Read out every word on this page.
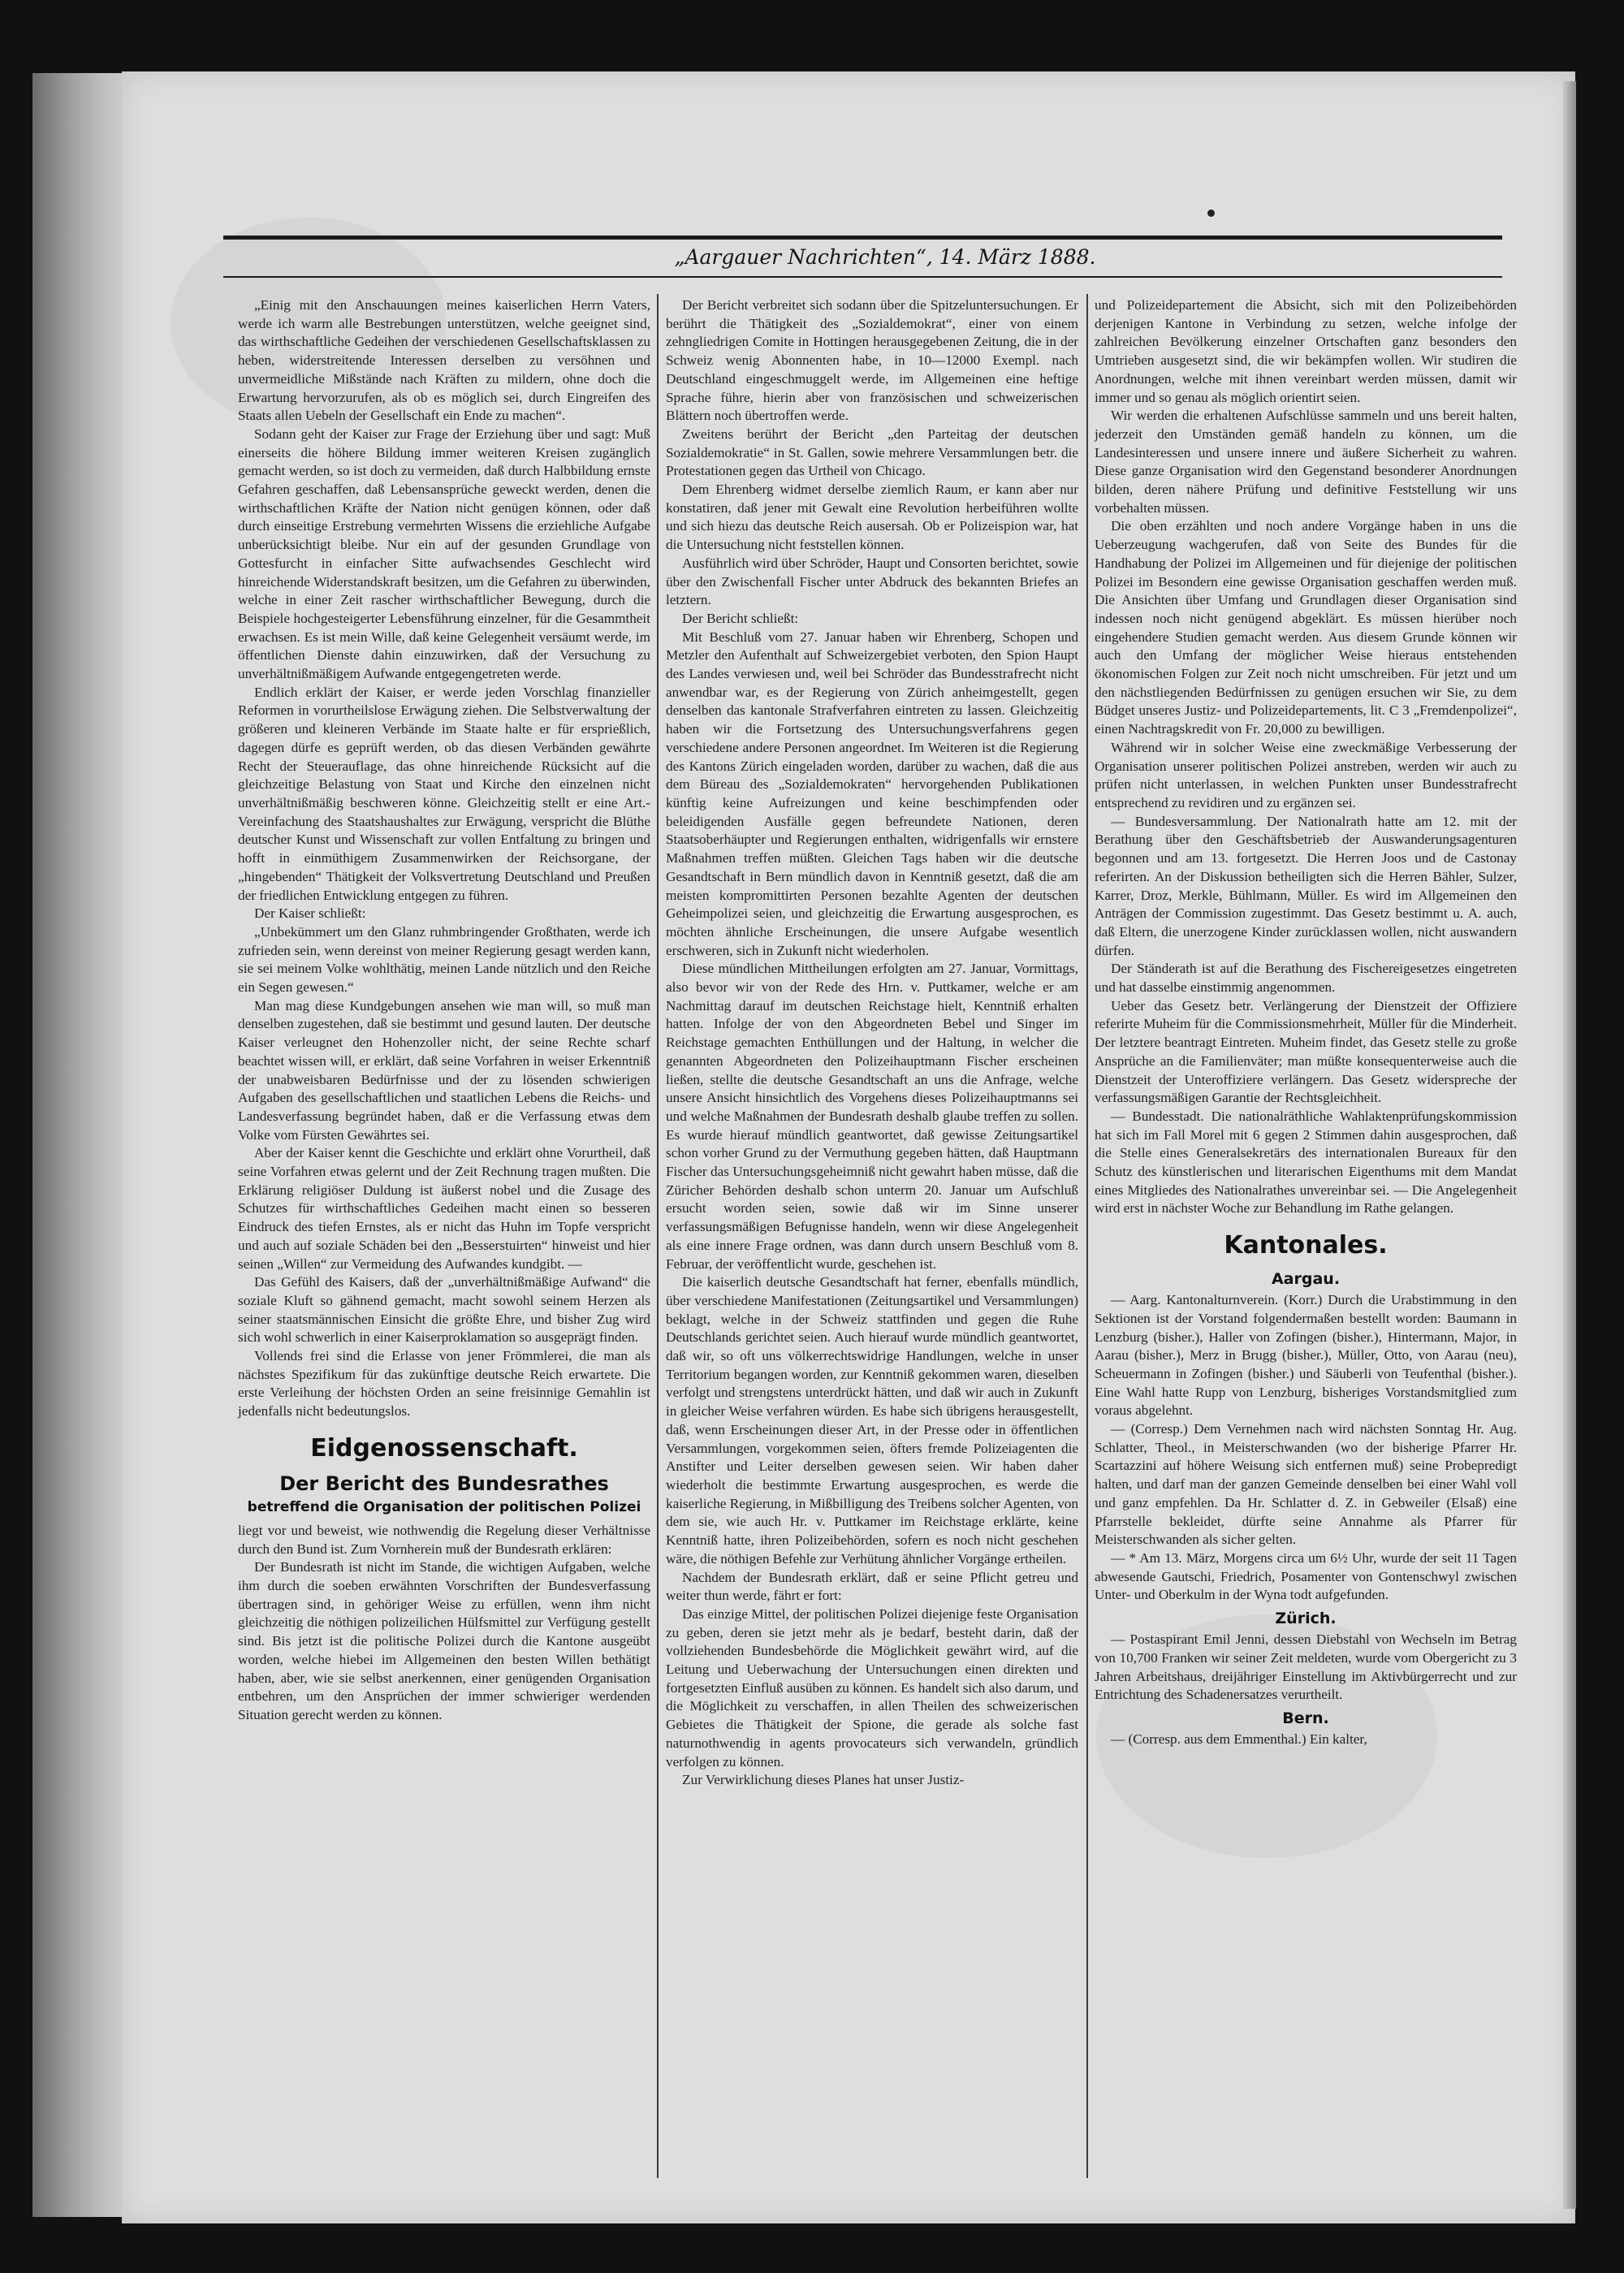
„Aargauer Nachrichten“, 14. März 1888.

„Einig mit den Anschauungen meines kaiserlichen Herrn Vaters, werde ich warm alle Bestrebungen unterstützen, welche geeignet sind, das wirthschaftliche Gedeihen der verschiedenen Gesellschaftsklassen zu heben, widerstreitende Interessen derselben zu versöhnen und unvermeidliche Mißstände nach Kräften zu mildern, ohne doch die Erwartung hervorzurufen, als ob es möglich sei, durch Eingreifen des Staats allen Uebeln der Gesellschaft ein Ende zu machen“.

Sodann geht der Kaiser zur Frage der Erziehung über und sagt: Muß einerseits die höhere Bildung immer weiteren Kreisen zugänglich gemacht werden, so ist doch zu vermeiden, daß durch Halbbildung ernste Gefahren geschaffen, daß Lebensansprüche geweckt werden, denen die wirthschaftlichen Kräfte der Nation nicht genügen können, oder daß durch einseitige Erstrebung vermehrten Wissens die erziehliche Aufgabe unberücksichtigt bleibe. Nur ein auf der gesunden Grundlage von Gottesfurcht in einfacher Sitte aufwachsendes Geschlecht wird hinreichende Widerstandskraft besitzen, um die Gefahren zu überwinden, welche in einer Zeit rascher wirthschaftlicher Bewegung, durch die Beispiele hochgesteigerter Lebensführung einzelner, für die Gesammtheit erwachsen. Es ist mein Wille, daß keine Gelegenheit versäumt werde, im öffentlichen Dienste dahin einzuwirken, daß der Versuchung zu unverhältnißmäßigem Aufwande entgegengetreten werde.

Endlich erklärt der Kaiser, er werde jeden Vorschlag finanzieller Reformen in vorurtheilslose Erwägung ziehen. Die Selbstverwaltung der größeren und kleineren Verbände im Staate halte er für ersprießlich, dagegen dürfe es geprüft werden, ob das diesen Verbänden gewährte Recht der Steuerauflage, das ohne hinreichende Rücksicht auf die gleichzeitige Belastung von Staat und Kirche den einzelnen nicht unverhältnißmäßig beschweren könne. Gleichzeitig stellt er eine Art.-Vereinfachung des Staatshaushaltes zur Erwägung, verspricht die Blüthe deutscher Kunst und Wissenschaft zur vollen Entfaltung zu bringen und hofft in einmüthigem Zusammenwirken der Reichsorgane, der „hingebenden“ Thätigkeit der Volksvertretung Deutschland und Preußen der friedlichen Entwicklung entgegen zu führen.

Der Kaiser schließt:

„Unbekümmert um den Glanz ruhmbringender Großthaten, werde ich zufrieden sein, wenn dereinst von meiner Regierung gesagt werden kann, sie sei meinem Volke wohlthätig, meinen Lande nützlich und den Reiche ein Segen gewesen.“

Man mag diese Kundgebungen ansehen wie man will, so muß man denselben zugestehen, daß sie bestimmt und gesund lauten. Der deutsche Kaiser verleugnet den Hohenzoller nicht, der seine Rechte scharf beachtet wissen will, er erklärt, daß seine Vorfahren in weiser Erkenntniß der unabweisbaren Bedürfnisse und der zu lösenden schwierigen Aufgaben des gesellschaftlichen und staatlichen Lebens die Reichs- und Landesverfassung begründet haben, daß er die Verfassung etwas dem Volke vom Fürsten Gewährtes sei.

Aber der Kaiser kennt die Geschichte und erklärt ohne Vorurtheil, daß seine Vorfahren etwas gelernt und der Zeit Rechnung tragen mußten. Die Erklärung religiöser Duldung ist äußerst nobel und die Zusage des Schutzes für wirthschaftliches Gedeihen macht einen so besseren Eindruck des tiefen Ernstes, als er nicht das Huhn im Topfe verspricht und auch auf soziale Schäden bei den „Besserstuirten“ hinweist und hier seinen „Willen“ zur Vermeidung des Aufwandes kundgibt. —

Das Gefühl des Kaisers, daß der „unverhältnißmäßige Aufwand“ die soziale Kluft so gähnend gemacht, macht sowohl seinem Herzen als seiner staatsmännischen Einsicht die größte Ehre, und bisher Zug wird sich wohl schwerlich in einer Kaiserproklamation so ausgeprägt finden.

Vollends frei sind die Erlasse von jener Frömmlerei, die man als nächstes Spezifikum für das zukünftige deutsche Reich erwartete. Die erste Verleihung der höchsten Orden an seine freisinnige Gemahlin ist jedenfalls nicht bedeutungslos.

Eidgenossenschaft.
Der Bericht des Bundesrathes
betreffend die Organisation der politischen Polizei

liegt vor und beweist, wie nothwendig die Regelung dieser Verhältnisse durch den Bund ist. Zum Vornherein muß der Bundesrath erklären:

Der Bundesrath ist nicht im Stande, die wichtigen Aufgaben, welche ihm durch die soeben erwähnten Vorschriften der Bundesverfassung übertragen sind, in gehöriger Weise zu erfüllen, wenn ihm nicht gleichzeitig die nöthigen polizeilichen Hülfsmittel zur Verfügung gestellt sind. Bis jetzt ist die politische Polizei durch die Kantone ausgeübt worden, welche hiebei im Allgemeinen den besten Willen bethätigt haben, aber, wie sie selbst anerkennen, einer genügenden Organisation entbehren, um den Ansprüchen der immer schwieriger werdenden Situation gerecht werden zu können.

Der Bericht verbreitet sich sodann über die Spitzeluntersuchungen. Er berührt die Thätigkeit des „Sozialdemokrat“, einer von einem zehngliedrigen Comite in Hottingen herausgegebenen Zeitung, die in der Schweiz wenig Abonnenten habe, in 10—12000 Exempl. nach Deutschland eingeschmuggelt werde, im Allgemeinen eine heftige Sprache führe, hierin aber von französischen und schweizerischen Blättern noch übertroffen werde.

Zweitens berührt der Bericht „den Parteitag der deutschen Sozialdemokratie“ in St. Gallen, sowie mehrere Versammlungen betr. die Protestationen gegen das Urtheil von Chicago.

Dem Ehrenberg widmet derselbe ziemlich Raum, er kann aber nur konstatiren, daß jener mit Gewalt eine Revolution herbeiführen wollte und sich hiezu das deutsche Reich ausersah. Ob er Polizeispion war, hat die Untersuchung nicht feststellen können.

Ausführlich wird über Schröder, Haupt und Consorten berichtet, sowie über den Zwischenfall Fischer unter Abdruck des bekannten Briefes an letztern.

Der Bericht schließt:

Mit Beschluß vom 27. Januar haben wir Ehrenberg, Schopen und Metzler den Aufenthalt auf Schweizergebiet verboten, den Spion Haupt des Landes verwiesen und, weil bei Schröder das Bundesstrafrecht nicht anwendbar war, es der Regierung von Zürich anheimgestellt, gegen denselben das kantonale Strafverfahren eintreten zu lassen. Gleichzeitig haben wir die Fortsetzung des Untersuchungsverfahrens gegen verschiedene andere Personen angeordnet. Im Weiteren ist die Regierung des Kantons Zürich eingeladen worden, darüber zu wachen, daß die aus dem Büreau des „Sozialdemokraten“ hervorgehenden Publikationen künftig keine Aufreizungen und keine beschimpfenden oder beleidigenden Ausfälle gegen befreundete Nationen, deren Staatsoberhäupter und Regierungen enthalten, widrigenfalls wir ernstere Maßnahmen treffen müßten. Gleichen Tags haben wir die deutsche Gesandtschaft in Bern mündlich davon in Kenntniß gesetzt, daß die am meisten kompromittirten Personen bezahlte Agenten der deutschen Geheimpolizei seien, und gleichzeitig die Erwartung ausgesprochen, es möchten ähnliche Erscheinungen, die unsere Aufgabe wesentlich erschweren, sich in Zukunft nicht wiederholen.

Diese mündlichen Mittheilungen erfolgten am 27. Januar, Vormittags, also bevor wir von der Rede des Hrn. v. Puttkamer, welche er am Nachmittag darauf im deutschen Reichstage hielt, Kenntniß erhalten hatten. Infolge der von den Abgeordneten Bebel und Singer im Reichstage gemachten Enthüllungen und der Haltung, in welcher die genannten Abgeordneten den Polizeihauptmann Fischer erscheinen ließen, stellte die deutsche Gesandtschaft an uns die Anfrage, welche unsere Ansicht hinsichtlich des Vorgehens dieses Polizeihauptmanns sei und welche Maßnahmen der Bundesrath deshalb glaube treffen zu sollen. Es wurde hierauf mündlich geantwortet, daß gewisse Zeitungsartikel schon vorher Grund zu der Vermuthung gegeben hätten, daß Hauptmann Fischer das Untersuchungsgeheimniß nicht gewahrt haben müsse, daß die Züricher Behörden deshalb schon unterm 20. Januar um Aufschluß ersucht worden seien, sowie daß wir im Sinne unserer verfassungsmäßigen Befugnisse handeln, wenn wir diese Angelegenheit als eine innere Frage ordnen, was dann durch unsern Beschluß vom 8. Februar, der veröffentlicht wurde, geschehen ist.

Die kaiserlich deutsche Gesandtschaft hat ferner, ebenfalls mündlich, über verschiedene Manifestationen (Zeitungsartikel und Versammlungen) beklagt, welche in der Schweiz stattfinden und gegen die Ruhe Deutschlands gerichtet seien. Auch hierauf wurde mündlich geantwortet, daß wir, so oft uns völkerrechtswidrige Handlungen, welche in unser Territorium begangen worden, zur Kenntniß gekommen waren, dieselben verfolgt und strengstens unterdrückt hätten, und daß wir auch in Zukunft in gleicher Weise verfahren würden. Es habe sich übrigens herausgestellt, daß, wenn Erscheinungen dieser Art, in der Presse oder in öffentlichen Versammlungen, vorgekommen seien, öfters fremde Polizeiagenten die Anstifter und Leiter derselben gewesen seien. Wir haben daher wiederholt die bestimmte Erwartung ausgesprochen, es werde die kaiserliche Regierung, in Mißbilligung des Treibens solcher Agenten, von dem sie, wie auch Hr. v. Puttkamer im Reichstage erklärte, keine Kenntniß hatte, ihren Polizeibehörden, sofern es noch nicht geschehen wäre, die nöthigen Befehle zur Verhütung ähnlicher Vorgänge ertheilen.

Nachdem der Bundesrath erklärt, daß er seine Pflicht getreu und weiter thun werde, fährt er fort:

Das einzige Mittel, der politischen Polizei diejenige feste Organisation zu geben, deren sie jetzt mehr als je bedarf, besteht darin, daß der vollziehenden Bundesbehörde die Möglichkeit gewährt wird, auf die Leitung und Ueberwachung der Untersuchungen einen direkten und fortgesetzten Einfluß ausüben zu können. Es handelt sich also darum, und die Möglichkeit zu verschaffen, in allen Theilen des schweizerischen Gebietes die Thätigkeit der Spione, die gerade als solche fast naturnothwendig in agents provocateurs sich verwandeln, gründlich verfolgen zu können.

Zur Verwirklichung dieses Planes hat unser Justiz-

und Polizeidepartement die Absicht, sich mit den Polizeibehörden derjenigen Kantone in Verbindung zu setzen, welche infolge der zahlreichen Bevölkerung einzelner Ortschaften ganz besonders den Umtrieben ausgesetzt sind, die wir bekämpfen wollen. Wir studiren die Anordnungen, welche mit ihnen vereinbart werden müssen, damit wir immer und so genau als möglich orientirt seien.

Wir werden die erhaltenen Aufschlüsse sammeln und uns bereit halten, jederzeit den Umständen gemäß handeln zu können, um die Landesinteressen und unsere innere und äußere Sicherheit zu wahren. Diese ganze Organisation wird den Gegenstand besonderer Anordnungen bilden, deren nähere Prüfung und definitive Feststellung wir uns vorbehalten müssen.

Die oben erzählten und noch andere Vorgänge haben in uns die Ueberzeugung wachgerufen, daß von Seite des Bundes für die Handhabung der Polizei im Allgemeinen und für diejenige der politischen Polizei im Besondern eine gewisse Organisation geschaffen werden muß. Die Ansichten über Umfang und Grundlagen dieser Organisation sind indessen noch nicht genügend abgeklärt. Es müssen hierüber noch eingehendere Studien gemacht werden. Aus diesem Grunde können wir auch den Umfang der möglicher Weise hieraus entstehenden ökonomischen Folgen zur Zeit noch nicht umschreiben. Für jetzt und um den nächstliegenden Bedürfnissen zu genügen ersuchen wir Sie, zu dem Büdget unseres Justiz- und Polizeidepartements, lit. C 3 „Fremdenpolizei“, einen Nachtragskredit von Fr. 20,000 zu bewilligen.

Während wir in solcher Weise eine zweckmäßige Verbesserung der Organisation unserer politischen Polizei anstreben, werden wir auch zu prüfen nicht unterlassen, in welchen Punkten unser Bundesstrafrecht entsprechend zu revidiren und zu ergänzen sei.

— Bundesversammlung. Der Nationalrath hatte am 12. mit der Berathung über den Geschäftsbetrieb der Auswanderungsagenturen begonnen und am 13. fortgesetzt. Die Herren Joos und de Castonay referirten. An der Diskussion betheiligten sich die Herren Bähler, Sulzer, Karrer, Droz, Merkle, Bühlmann, Müller. Es wird im Allgemeinen den Anträgen der Commission zugestimmt. Das Gesetz bestimmt u. A. auch, daß Eltern, die unerzogene Kinder zurücklassen wollen, nicht auswandern dürfen.

Der Ständerath ist auf die Berathung des Fischereigesetzes eingetreten und hat dasselbe einstimmig angenommen.

Ueber das Gesetz betr. Verlängerung der Dienstzeit der Offiziere referirte Muheim für die Commissionsmehrheit, Müller für die Minderheit. Der letztere beantragt Eintreten. Muheim findet, das Gesetz stelle zu große Ansprüche an die Familienväter; man müßte konsequenterweise auch die Dienstzeit der Unteroffiziere verlängern. Das Gesetz widerspreche der verfassungsmäßigen Garantie der Rechtsgleichheit.

— Bundesstadt. Die nationalräthliche Wahlaktenprüfungskommission hat sich im Fall Morel mit 6 gegen 2 Stimmen dahin ausgesprochen, daß die Stelle eines Generalsekretärs des internationalen Bureaux für den Schutz des künstlerischen und literarischen Eigenthums mit dem Mandat eines Mitgliedes des Nationalrathes unvereinbar sei. — Die Angelegenheit wird erst in nächster Woche zur Behandlung im Rathe gelangen.

Kantonales.
Aargau.

— Aarg. Kantonalturnverein. (Korr.) Durch die Urabstimmung in den Sektionen ist der Vorstand folgendermaßen bestellt worden: Baumann in Lenzburg (bisher.), Haller von Zofingen (bisher.), Hintermann, Major, in Aarau (bisher.), Merz in Brugg (bisher.), Müller, Otto, von Aarau (neu), Scheuermann in Zofingen (bisher.) und Säuberli von Teufenthal (bisher.). Eine Wahl hatte Rupp von Lenzburg, bisheriges Vorstandsmitglied zum voraus abgelehnt.

— (Corresp.) Dem Vernehmen nach wird nächsten Sonntag Hr. Aug. Schlatter, Theol., in Meisterschwanden (wo der bisherige Pfarrer Hr. Scartazzini auf höhere Weisung sich entfernen muß) seine Probepredigt halten, und darf man der ganzen Gemeinde denselben bei einer Wahl voll und ganz empfehlen. Da Hr. Schlatter d. Z. in Gebweiler (Elsaß) eine Pfarrstelle bekleidet, dürfte seine Annahme als Pfarrer für Meisterschwanden als sicher gelten.

— * Am 13. März, Morgens circa um 6½ Uhr, wurde der seit 11 Tagen abwesende Gautschi, Friedrich, Posamenter von Gontenschwyl zwischen Unter- und Oberkulm in der Wyna todt aufgefunden.

Zürich.

— Postaspirant Emil Jenni, dessen Diebstahl von Wechseln im Betrag von 10,700 Franken wir seiner Zeit meldeten, wurde vom Obergericht zu 3 Jahren Arbeitshaus, dreijähriger Einstellung im Aktivbürgerrecht und zur Entrichtung des Schadenersatzes verurtheilt.

Bern.

— (Corresp. aus dem Emmenthal.) Ein kalter,
